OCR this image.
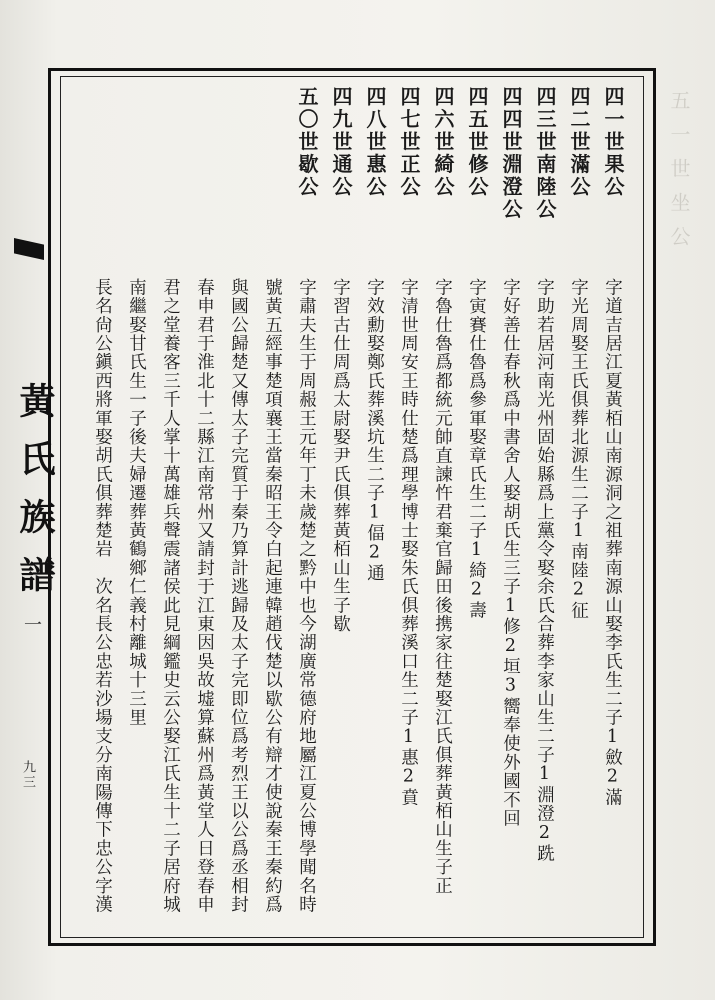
黃氏族譜
一
九三
五一世坐公
四一世果公
字道吉居江夏黃栢山南源洞之祖葬南源山娶李氏生二子1斂2滿
四二世滿公
字光周娶王氏俱葬北源生二子1南陸2征
四三世南陸公
字助若居河南光州固始縣爲上黨令娶余氏合葬李家山生二子1淵澄2跣
四四世淵澄公
字好善仕春秋爲中書舍人娶胡氏生三子1修2垣3嚮奉使外國不回
四五世修公
字寅賽仕魯爲參軍娶章氏生二子1綺2壽
四六世綺公
字魯仕魯爲都統元帥直諫忤君棄官歸田後携家往楚娶江氏俱葬黃栢山生子正
四七世正公
字清世周安王時仕楚爲理學博士娶朱氏俱葬溪口生二子1惠2賁
四八世惠公
字效勳娶鄭氏葬溪坑生二子1偪2通
四九世通公
字習古仕周爲太尉娶尹氏俱葬黃栢山生子歇
五〇世歇公
字肅夫生于周赧王元年丁未歲楚之黔中也今湖廣常德府地屬江夏公博學聞名時
號黃五經事楚項襄王當秦昭王令白起連韓趙伐楚以歇公有辯才使說秦王秦約爲
與國公歸楚又傳太子完質于秦乃算計逃歸及太子完即位爲考烈王以公爲丞相封
春申君于淮北十二縣江南常州又請封于江東因吳故墟算蘇州爲黃堂人日登春申
君之堂養客三千人掌十萬雄兵聲震諸侯此見綱鑑史云公娶江氏生十二子居府城
南繼娶甘氏生一子後夫婦遷葬黃鶴鄉仁義村離城十三里
長名尙公鎭西將軍娶胡氏俱葬楚岩　次名長公忠若沙場支分南陽傳下忠公字漢
